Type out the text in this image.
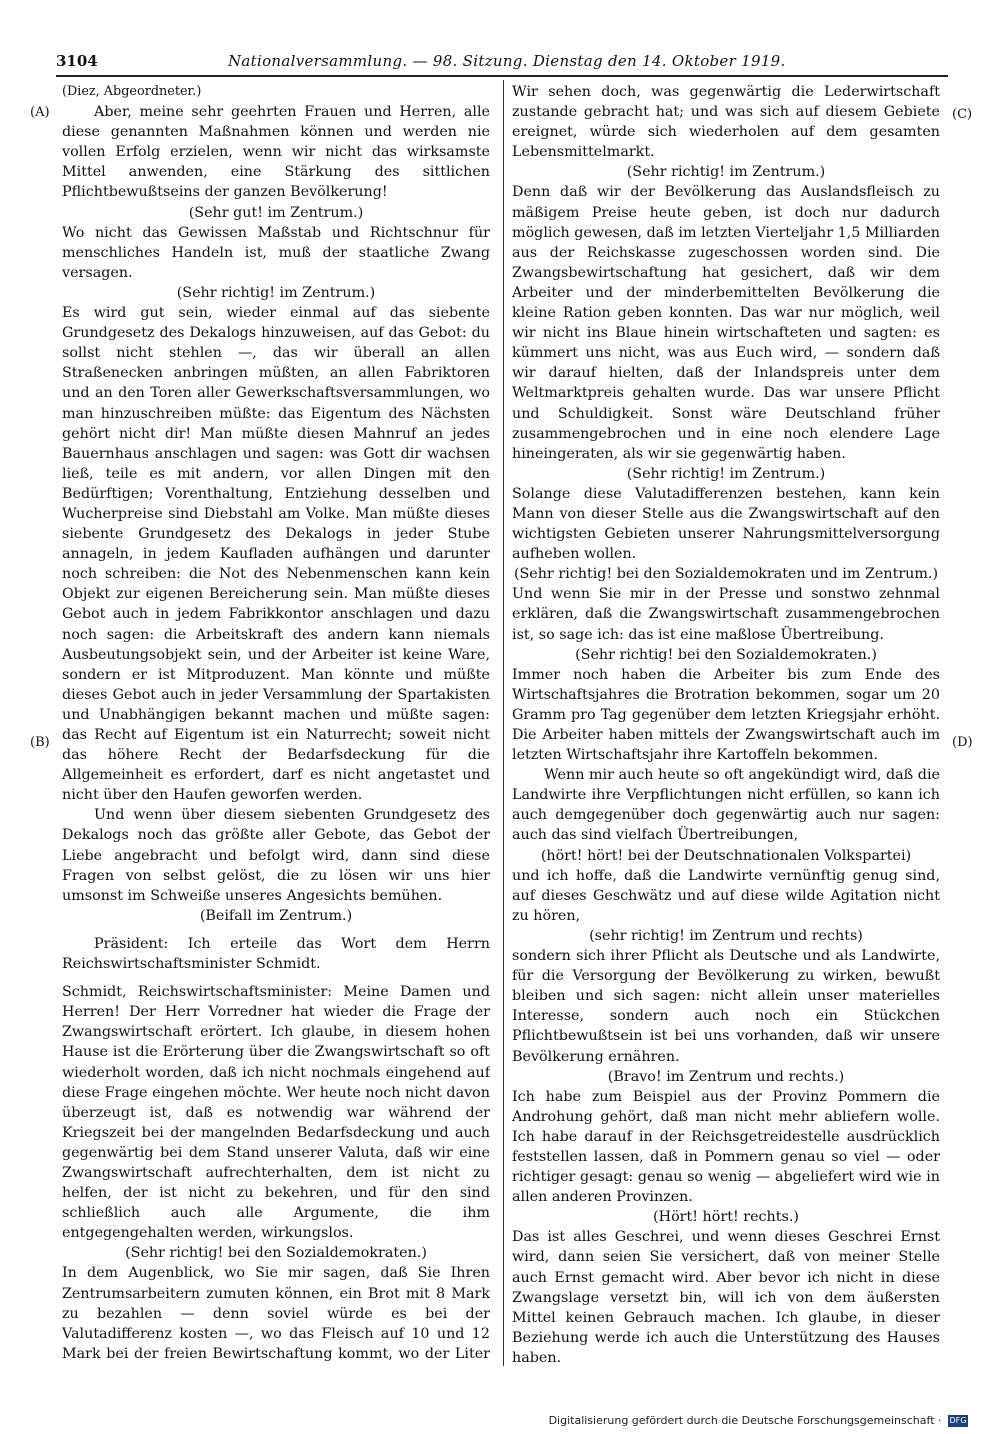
3104	Nationalversammlung. — 98. Sitzung. Dienstag den 14. Oktober 1919.
(A)
(B)
(C)
(D)

(Diez, Abgeordneter.)

Aber, meine sehr geehrten Frauen und Herren, alle diese genannten Maßnahmen können und werden nie vollen Erfolg erzielen, wenn wir nicht das wirksamste Mittel anwenden, eine Stärkung des sittlichen Pflichtbewußtseins der ganzen Bevölkerung!

(Sehr gut! im Zentrum.)

Wo nicht das Gewissen Maßstab und Richtschnur für menschliches Handeln ist, muß der staatliche Zwang versagen.

(Sehr richtig! im Zentrum.)

Es wird gut sein, wieder einmal auf das siebente Grundgesetz des Dekalogs hinzuweisen, auf das Gebot: du sollst nicht stehlen —, das wir überall an allen Straßenecken anbringen müßten, an allen Fabriktoren und an den Toren aller Gewerkschaftsversammlungen, wo man hinzuschreiben müßte: das Eigentum des Nächsten gehört nicht dir! Man müßte diesen Mahnruf an jedes Bauernhaus anschlagen und sagen: was Gott dir wachsen ließ, teile es mit andern, vor allen Dingen mit den Bedürftigen; Vorenthaltung, Entziehung desselben und Wucherpreise sind Diebstahl am Volke. Man müßte dieses siebente Grundgesetz des Dekalogs in jeder Stube annageln, in jedem Kaufladen aufhängen und darunter noch schreiben: die Not des Nebenmenschen kann kein Objekt zur eigenen Bereicherung sein. Man müßte dieses Gebot auch in jedem Fabrikkontor anschlagen und dazu noch sagen: die Arbeitskraft des andern kann niemals Ausbeutungsobjekt sein, und der Arbeiter ist keine Ware, sondern er ist Mitproduzent. Man könnte und müßte dieses Gebot auch in jeder Versammlung der Spartakisten und Unabhängigen bekannt machen und müßte sagen: das Recht auf Eigentum ist ein Naturrecht; soweit nicht das höhere Recht der Bedarfsdeckung für die Allgemeinheit es erfordert, darf es nicht angetastet und nicht über den Haufen geworfen werden.

Und wenn über diesem siebenten Grundgesetz des Dekalogs noch das größte aller Gebote, das Gebot der Liebe angebracht und befolgt wird, dann sind diese Fragen von selbst gelöst, die zu lösen wir uns hier umsonst im Schweiße unseres Angesichts bemühen.

(Beifall im Zentrum.)

Präsident: Ich erteile das Wort dem Herrn Reichswirtschaftsminister Schmidt.

Schmidt, Reichswirtschaftsminister: Meine Damen und Herren! Der Herr Vorredner hat wieder die Frage der Zwangswirtschaft erörtert. Ich glaube, in diesem hohen Hause ist die Erörterung über die Zwangswirtschaft so oft wiederholt worden, daß ich nicht nochmals eingehend auf diese Frage eingehen möchte. Wer heute noch nicht davon überzeugt ist, daß es notwendig war während der Kriegszeit bei der mangelnden Bedarfsdeckung und auch gegenwärtig bei dem Stand unserer Valuta, daß wir eine Zwangswirtschaft aufrechterhalten, dem ist nicht zu helfen, der ist nicht zu bekehren, und für den sind schließlich auch alle Argumente, die ihm entgegengehalten werden, wirkungslos.

(Sehr richtig! bei den Sozialdemokraten.)

In dem Augenblick, wo Sie mir sagen, daß Sie Ihren Zentrumsarbeitern zumuten können, ein Brot mit 8 Mark zu bezahlen — denn soviel würde es bei der Valutadifferenz kosten —, wo das Fleisch auf 10 und 12 Mark bei der freien Bewirtschaftung kommt, wo der Liter

Wir sehen doch, was gegenwärtig die Lederwirtschaft zustande gebracht hat; und was sich auf diesem Gebiete ereignet, würde sich wiederholen auf dem gesamten Lebensmittelmarkt.

(Sehr richtig! im Zentrum.)

Denn daß wir der Bevölkerung das Auslandsfleisch zu mäßigem Preise heute geben, ist doch nur dadurch möglich gewesen, daß im letzten Vierteljahr 1,5 Milliarden aus der Reichskasse zugeschossen worden sind. Die Zwangsbewirtschaftung hat gesichert, daß wir dem Arbeiter und der minderbemittelten Bevölkerung die kleine Ration geben konnten. Das war nur möglich, weil wir nicht ins Blaue hinein wirtschafteten und sagten: es kümmert uns nicht, was aus Euch wird, — sondern daß wir darauf hielten, daß der Inlandspreis unter dem Weltmarktpreis gehalten wurde. Das war unsere Pflicht und Schuldigkeit. Sonst wäre Deutschland früher zusammengebrochen und in eine noch elendere Lage hineingeraten, als wir sie gegenwärtig haben.

(Sehr richtig! im Zentrum.)

Solange diese Valutadifferenzen bestehen, kann kein Mann von dieser Stelle aus die Zwangswirtschaft auf den wichtigsten Gebieten unserer Nahrungsmittelversorgung aufheben wollen.

(Sehr richtig! bei den Sozialdemokraten und im Zentrum.)

Und wenn Sie mir in der Presse und sonstwo zehnmal erklären, daß die Zwangswirtschaft zusammengebrochen ist, so sage ich: das ist eine maßlose Übertreibung.

(Sehr richtig! bei den Sozialdemokraten.)

Immer noch haben die Arbeiter bis zum Ende des Wirtschaftsjahres die Brotration bekommen, sogar um 20 Gramm pro Tag gegenüber dem letzten Kriegsjahr erhöht. Die Arbeiter haben mittels der Zwangswirtschaft auch im letzten Wirtschaftsjahr ihre Kartoffeln bekommen.

Wenn mir auch heute so oft angekündigt wird, daß die Landwirte ihre Verpflichtungen nicht erfüllen, so kann ich auch demgegenüber doch gegenwärtig auch nur sagen: auch das sind vielfach Übertreibungen,

(hört! hört! bei der Deutschnationalen Volkspartei)

und ich hoffe, daß die Landwirte vernünftig genug sind, auf dieses Geschwätz und auf diese wilde Agitation nicht zu hören,

(sehr richtig! im Zentrum und rechts)

sondern sich ihrer Pflicht als Deutsche und als Landwirte, für die Versorgung der Bevölkerung zu wirken, bewußt bleiben und sich sagen: nicht allein unser materielles Interesse, sondern auch noch ein Stückchen Pflichtbewußtsein ist bei uns vorhanden, daß wir unsere Bevölkerung ernähren.

(Bravo! im Zentrum und rechts.)

Ich habe zum Beispiel aus der Provinz Pommern die Androhung gehört, daß man nicht mehr abliefern wolle. Ich habe darauf in der Reichsgetreidestelle ausdrücklich feststellen lassen, daß in Pommern genau so viel — oder richtiger gesagt: genau so wenig — abgeliefert wird wie in allen anderen Provinzen.

(Hört! hört! rechts.)

Das ist alles Geschrei, und wenn dieses Geschrei Ernst wird, dann seien Sie versichert, daß von meiner Stelle auch Ernst gemacht wird. Aber bevor ich nicht in diese Zwangslage versetzt bin, will ich von dem äußersten Mittel keinen Gebrauch machen. Ich glaube, in dieser Beziehung werde ich auch die Unterstützung des Hauses haben.

Digitalisierung gefördert durch die Deutsche Forschungsgemeinschaft · DFG
